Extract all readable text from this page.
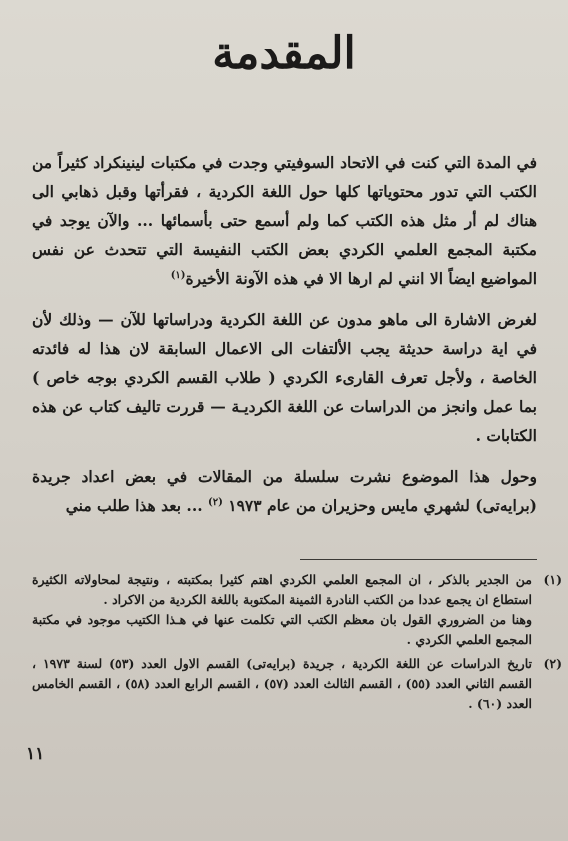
المقدمة

في المدة التي كنت في الاتحاد السوفيتي وجدت في مكتبات لينينكراد كثيراً من الكتب التي تدور محتوياتها كلها حول اللغة الكردية ، فقرأتها وقبل ذهابي الى هناك لم أر مثل هذه الكتب كما ولم أسمع حتى بأسمائها ... والآن يوجد في مكتبة المجمع العلمي الكردي بعض الكتب النفيسة التي تتحدث عن نفس المواضيع ايضاً الا انني لم ارها الا في هذه الآونة الأخيرة$^{(١)}$

لغرض الاشارة الى ماهو مدون عن اللغة الكردية ودراساتها للآن — وذلك لأن في اية دراسة حديثة يجب الألتفات الى الاعمال السابقة لان هذا له فائدته الخاصة ، ولأجل تعرف القارىء الكردي ( طلاب القسم الكردي بوجه خاص ) بما عمل وانجز من الدراسات عن اللغة الكرديـة — قررت تاليف كتاب عن هذه الكتابات .

وحول هذا الموضوع نشرت سلسلة من المقالات في بعض اعداد جريدة (برايەتى) لشهري مايس وحزيران من عام ١٩٧٣ $^{(٢)}$ ... بعد هذا طلب مني

(١)
من الجدير بالذكر ، ان المجمع العلمي الكردي اهتم كثيرا بمكتبته ، ونتيجة لمحاولاته الكثيرة استطاع ان يجمع عددا من الكتب النادرة الثمينة المكتوبة باللغة الكردية من الاكراد .
وهنا من الضروري القول بان معظم الكتب التي تكلمت عنها في هـذا الكتيب موجود في مكتبة المجمع العلمي الكردي .
(٢)
تاريخ الدراسات عن اللغة الكردية ، جريدة (برايەتى) القسم الاول العدد (٥٣) لسنة ١٩٧٣ ، القسم الثاني العدد (٥٥) ، القسم الثالث العدد (٥٧) ، القسم الرابع العدد (٥٨) ، القسم الخامس العدد (٦٠) .
١١
